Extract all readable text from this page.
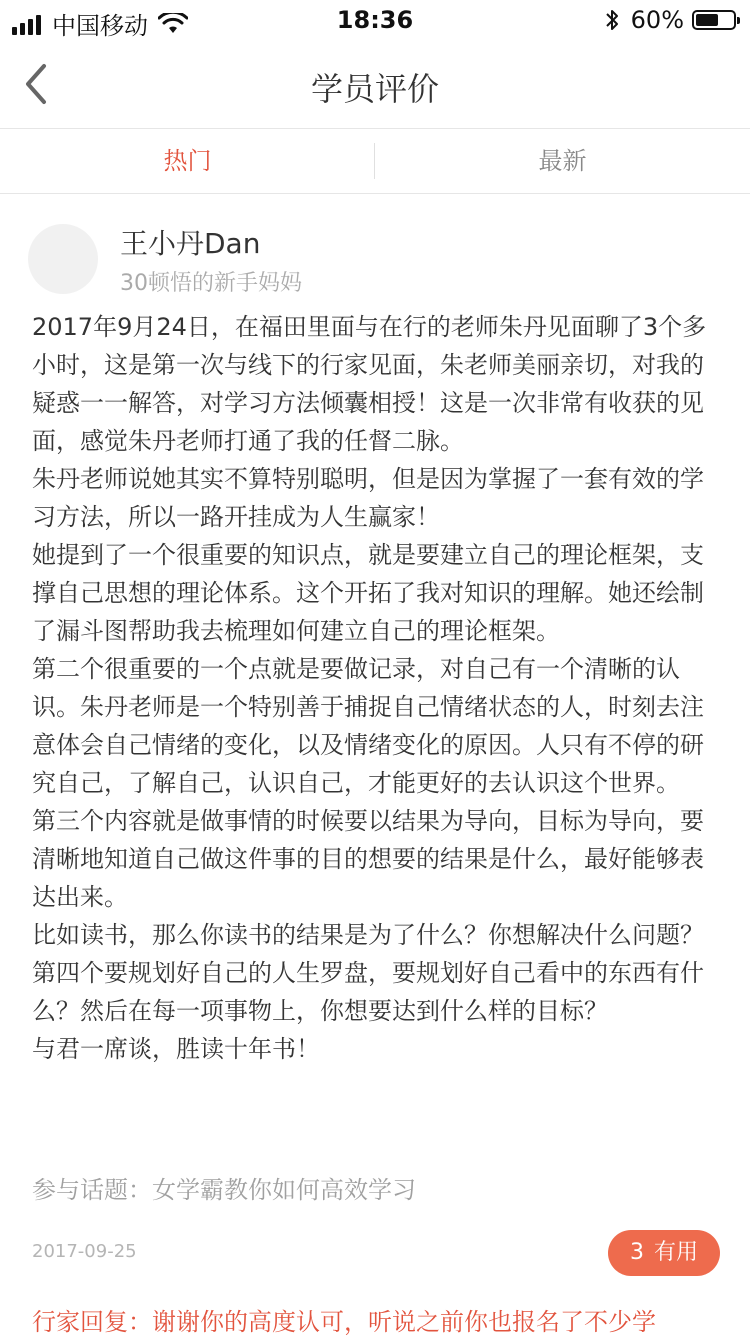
中国移动	18:36	60%
学员评价
热门	最新
王小丹Dan
30顿悟的新手妈妈
2017年9月24日，在福田里面与在行的老师朱丹见面聊了3个多小时，这是第一次与线下的行家见面，朱老师美丽亲切，对我的疑惑一一解答，对学习方法倾囊相授！这是一次非常有收获的见面，感觉朱丹老师打通了我的任督二脉。
朱丹老师说她其实不算特别聪明，但是因为掌握了一套有效的学习方法，所以一路开挂成为人生赢家！
她提到了一个很重要的知识点，就是要建立自己的理论框架，支撑自己思想的理论体系。这个开拓了我对知识的理解。她还绘制了漏斗图帮助我去梳理如何建立自己的理论框架。
第二个很重要的一个点就是要做记录，对自己有一个清晰的认识。朱丹老师是一个特别善于捕捉自己情绪状态的人，时刻去注意体会自己情绪的变化，以及情绪变化的原因。人只有不停的研究自己，了解自己，认识自己，才能更好的去认识这个世界。
第三个内容就是做事情的时候要以结果为导向，目标为导向，要清晰地知道自己做这件事的目的想要的结果是什么，最好能够表达出来。
比如读书，那么你读书的结果是为了什么？你想解决什么问题？
第四个要规划好自己的人生罗盘，要规划好自己看中的东西有什么？然后在每一项事物上，你想要达到什么样的目标？
与君一席谈，胜读十年书！
参与话题：女学霸教你如何高效学习
2017-09-25	3 有用
行家回复：谢谢你的高度认可，听说之前你也报名了不少学
